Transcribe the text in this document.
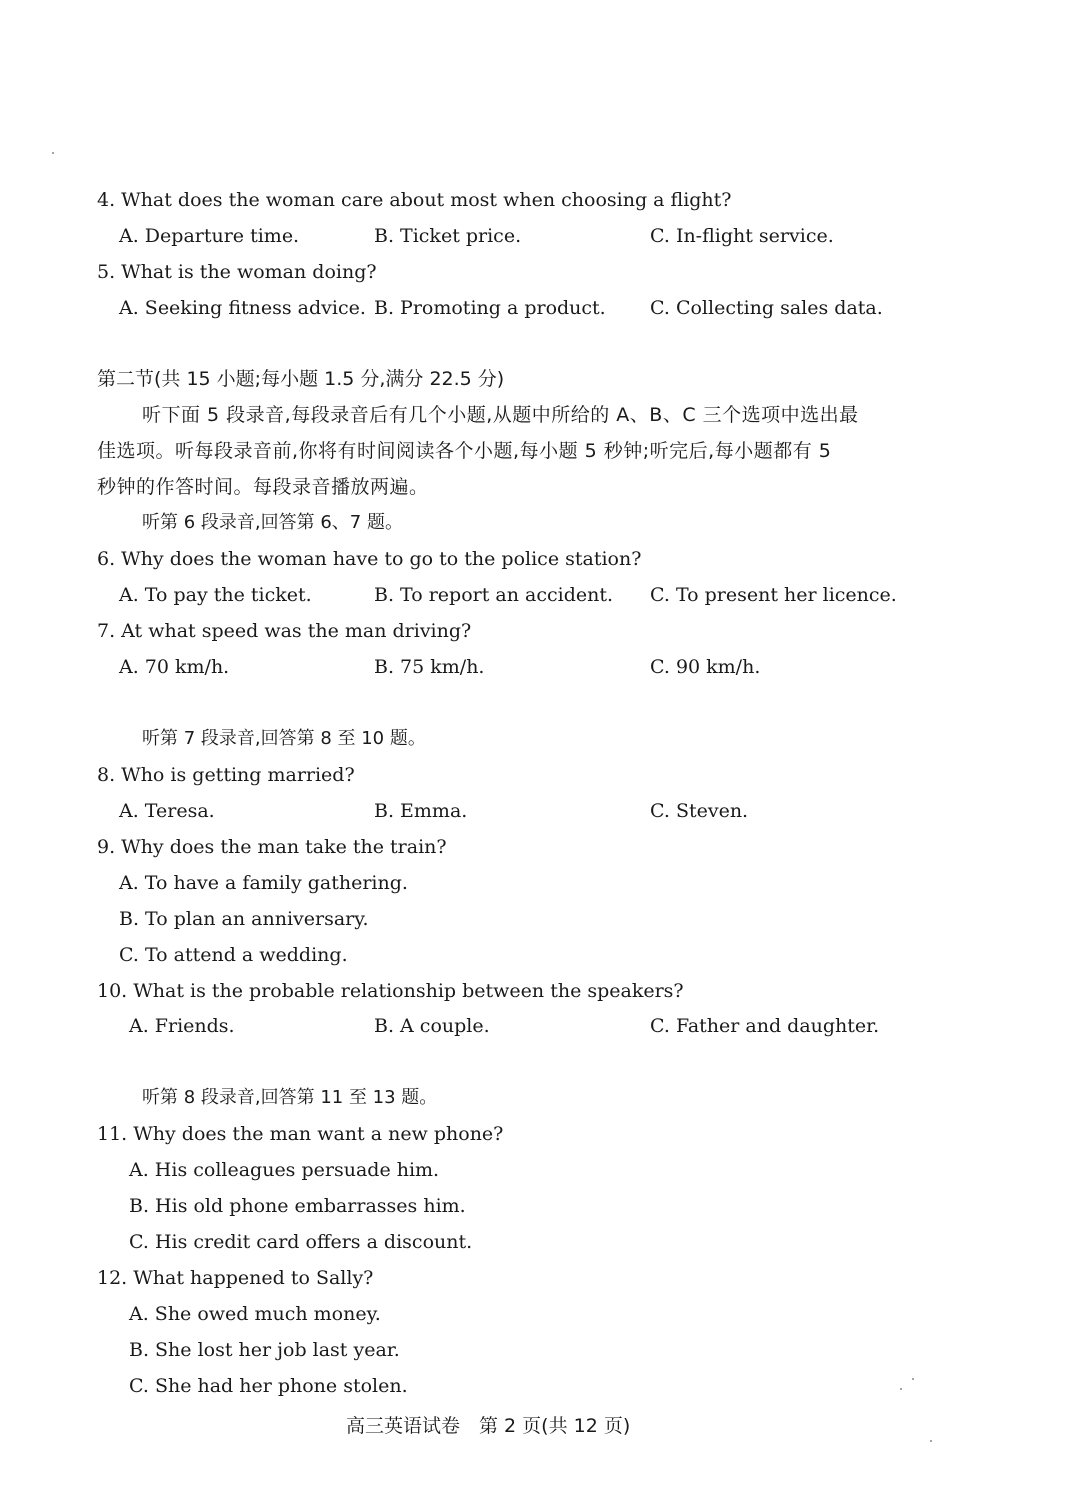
4. What does the woman care about most when choosing a flight?
A. Departure time.	B. Ticket price.	C. In-flight service.
5. What is the woman doing?
A. Seeking fitness advice. B. Promoting a product. C. Collecting sales data.
第二节(共 15 小题;每小题 1.5 分,满分 22.5 分)
听下面 5 段录音,每段录音后有几个小题,从题中所给的 A、B、C 三个选项中选出最
佳选项。听每段录音前,你将有时间阅读各个小题,每小题 5 秒钟;听完后,每小题都有 5
秒钟的作答时间。每段录音播放两遍。
听第 6 段录音,回答第 6、7 题。
6. Why does the woman have to go to the police station?
A. To pay the ticket.	B. To report an accident. C. To present her licence.
7. At what speed was the man driving?
A. 70 km/h.	B. 75 km/h.	C. 90 km/h.
听第 7 段录音,回答第 8 至 10 题。
8. Who is getting married?
A. Teresa.	B. Emma.	C. Steven.
9. Why does the man take the train?
A. To have a family gathering.
B. To plan an anniversary.
C. To attend a wedding.
10. What is the probable relationship between the speakers?
A. Friends.	B. A couple.	C. Father and daughter.
听第 8 段录音,回答第 11 至 13 题。
11. Why does the man want a new phone?
A. His colleagues persuade him.
B. His old phone embarrasses him.
C. His credit card offers a discount.
12. What happened to Sally?
A. She owed much money.
B. She lost her job last year.
C. She had her phone stolen.
高三英语试卷　第 2 页(共 12 页)
